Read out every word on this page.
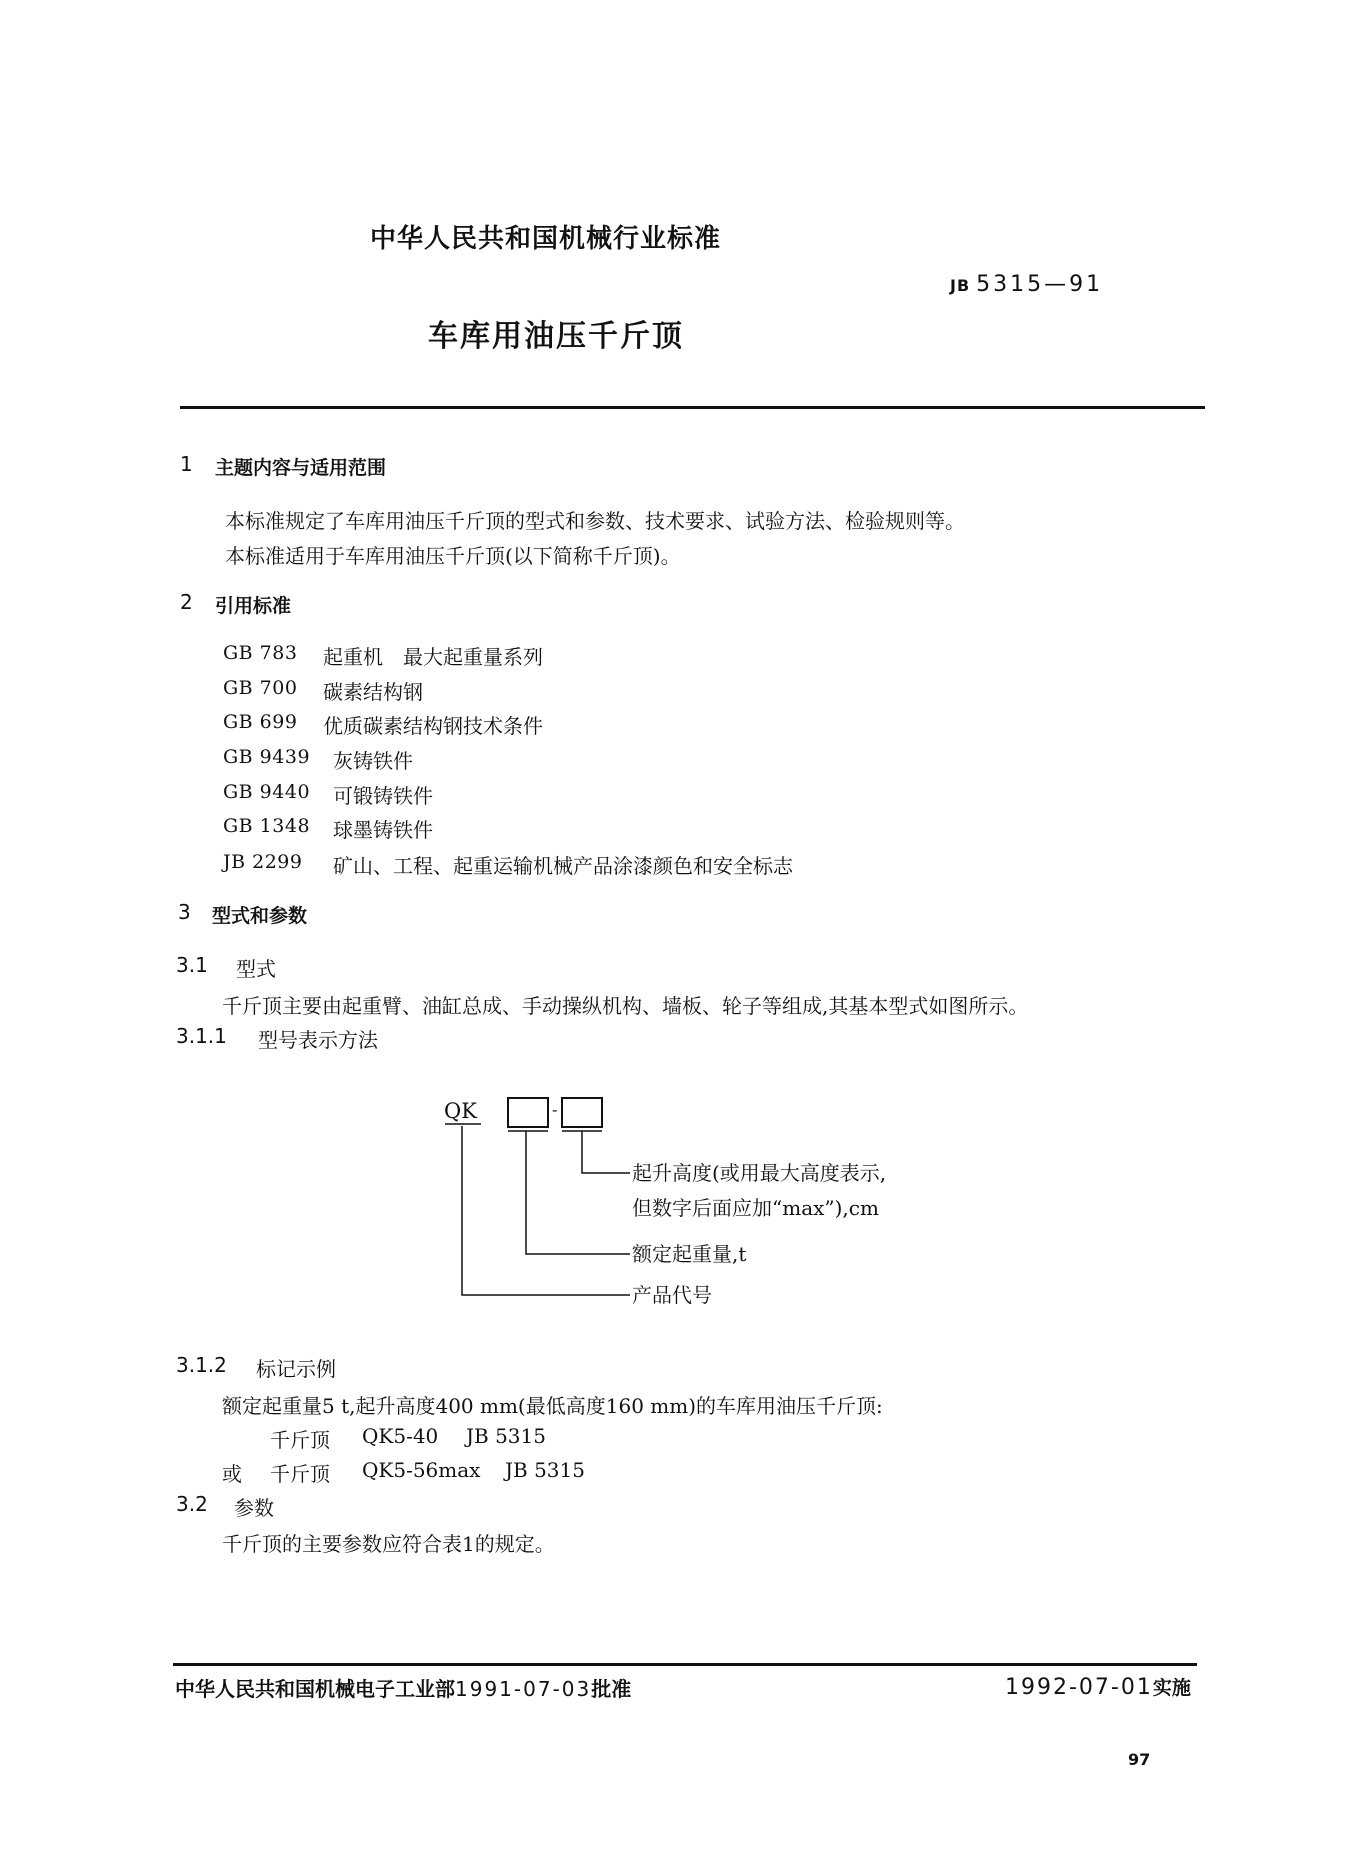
中华人民共和国机械行业标准
JB 5315—91
车库用油压千斤顶
1 主题内容与适用范围
本标准规定了车库用油压千斤顶的型式和参数、技术要求、试验方法、检验规则等。
本标准适用于车库用油压千斤顶(以下简称千斤顶)。
2 引用标准
GB 783 起重机　最大起重量系列
GB 700 碳素结构钢
GB 699 优质碳素结构钢技术条件
GB 9439 灰铸铁件
GB 9440 可锻铸铁件
GB 1348 球墨铸铁件
JB 2299 矿山、工程、起重运输机械产品涂漆颜色和安全标志
3 型式和参数
3.1 型式
千斤顶主要由起重臂、油缸总成、手动操纵机构、墙板、轮子等组成,其基本型式如图所示。
3.1.1 型号表示方法
QK	-
起升高度(或用最大高度表示,
但数字后面应加“max”),cm
额定起重量,t
产品代号
3.1.2 标记示例
额定起重量5 t,起升高度400 mm(最低高度160 mm)的车库用油压千斤顶:
千斤顶 QK5-40 JB 5315
或 千斤顶 QK5-56max JB 5315
3.2 参数
千斤顶的主要参数应符合表1的规定。
中华人民共和国机械电子工业部1991-07-03批准	1992-07-01实施
97
